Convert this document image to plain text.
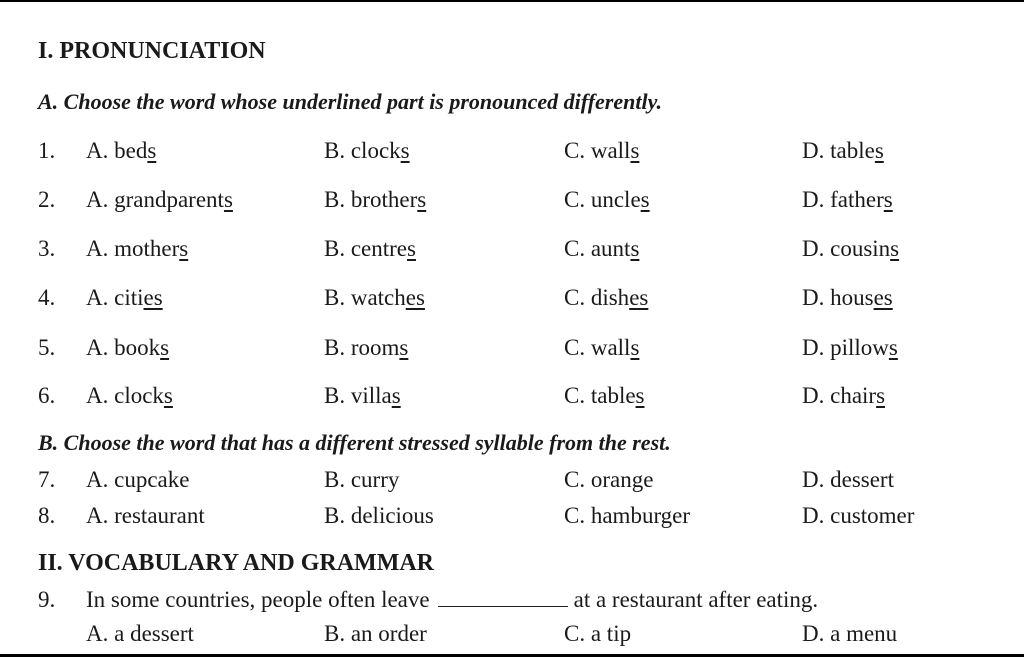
I. PRONUNCIATION
A. Choose the word whose underlined part is pronounced differently.
1. A. beds	B. clocks	C. walls	D. tables
2. A. grandparents	B. brothers	C. uncles	D. fathers
3. A. mothers	B. centres	C. aunts	D. cousins
4. A. cities	B. watches	C. dishes	D. houses
5. A. books	B. rooms	C. walls	D. pillows
6. A. clocks	B. villas	C. tables	D. chairs
B. Choose the word that has a different stressed syllable from the rest.
7. A. cupcake	B. curry	C. orange	D. dessert
8. A. restaurant	B. delicious	C. hamburger	D. customer
II. VOCABULARY AND GRAMMAR
9. In some countries, people often leave	at a restaurant after eating.
A. a dessert	B. an order	C. a tip	D. a menu
